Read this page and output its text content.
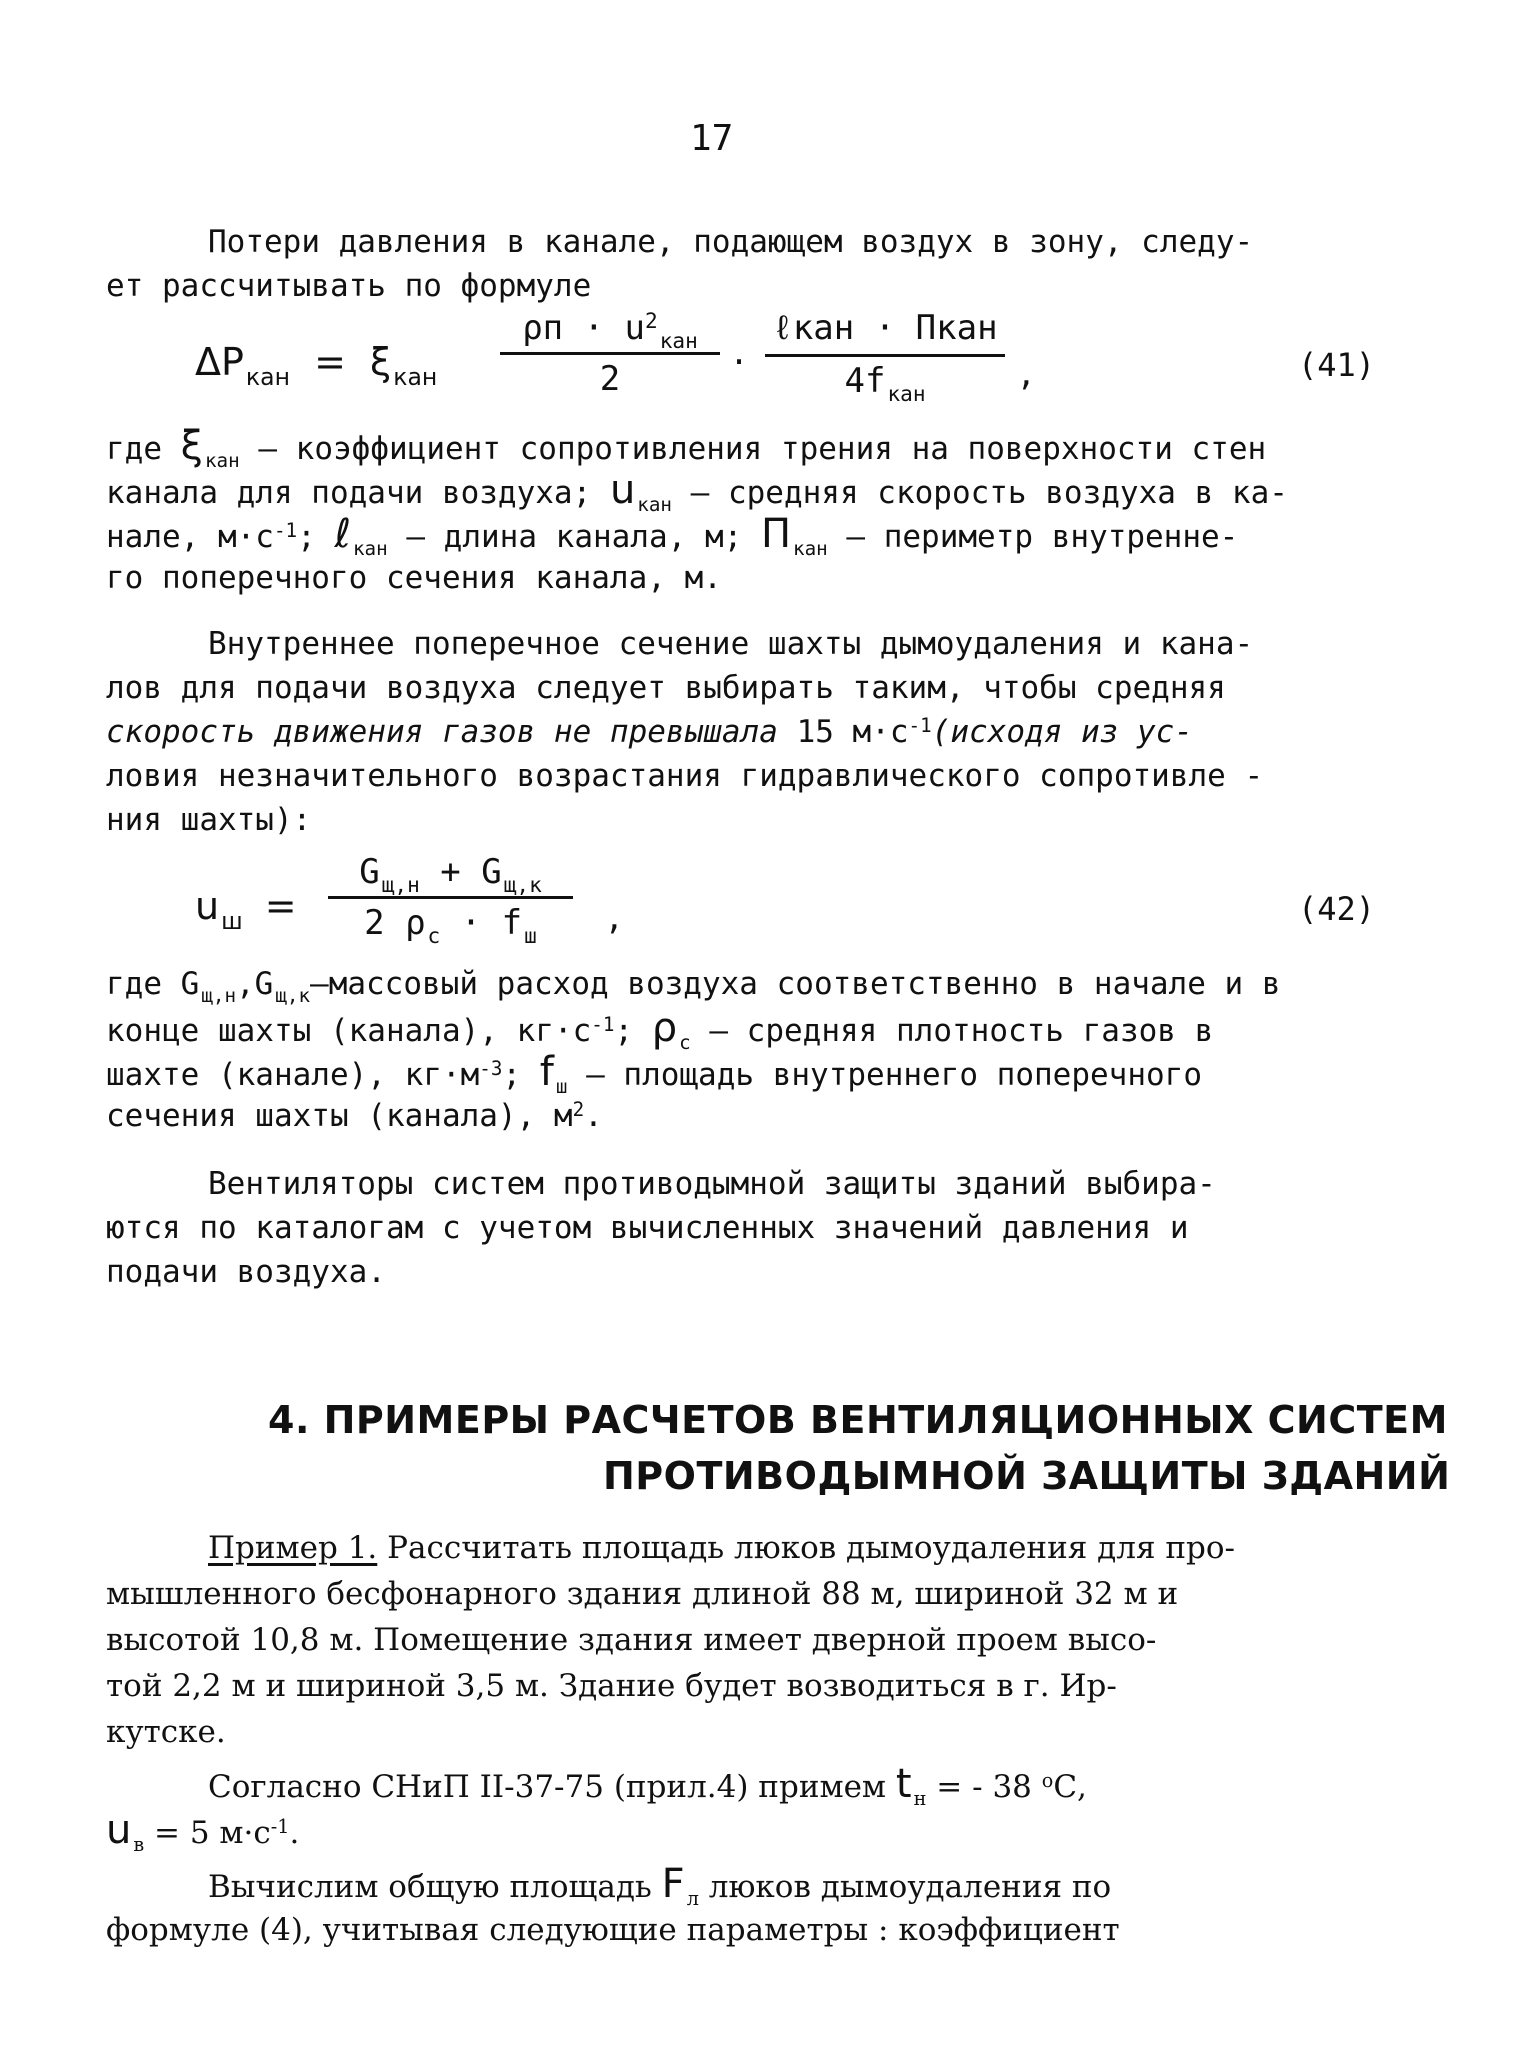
17
Потери давления в канале, подающем воздух в зону, следу-
ет рассчитывать по формуле
$\Delta P_{кан} = \xi_{кан}$
$\rho п \cdot u^2_{кан}$
2	·
ℓкан · Пкан
$4f_{кан}$	,	(41)
где ξ $_{кан}$ – коэффициент сопротивления трения на поверхности стен
канала для подачи воздуха; u $_{кан}$ – средняя скорость воздуха в ка-
нале, $м\cdot с^{-1}$; ℓ $_{кан}$ – длина канала, м; П $_{кан}$ – периметр внутренне-
го поперечного сечения канала, м.
Внутреннее поперечное сечение шахты дымоудаления и кана-
лов для подачи воздуха следует выбирать таким, чтобы средняя
скорость движения газов не превышала 15 $м\cdot с^{-1}(исходя$ из ус-
ловия незначительного возрастания гидравлического сопротивле -
ния шахты):
$u_ш$ =
$G_{щ,н} + G_{щ,к}$
2 $\rho_с \cdot f_ш$	,	(42)
где G $_{щ,н}$,G $_{щ,к}$–массовый расход воздуха соответственно в начале и в
конце шахты (канала), $кг\cdot с^{-1}$; ρ $_с$ – средняя плотность газов в
шахте (канале), $кг\cdot м^{-3}$; f $_ш$ – площадь внутреннего поперечного
сечения шахты (канала), $м^2$.
Вентиляторы систем противодымной защиты зданий выбира-
ются по каталогам с учетом вычисленных значений давления и
подачи воздуха.
4. ПРИМЕРЫ РАСЧЕТОВ ВЕНТИЛЯЦИОННЫХ СИСТЕМ
ПРОТИВОДЫМНОЙ ЗАЩИТЫ ЗДАНИЙ
Пример 1. Рассчитать площадь люков дымоудаления для про-
мышленного бесфонарного здания длиной 88 м, шириной 32 м и
высотой 10,8 м. Помещение здания имеет дверной проем высо-
той 2,2 м и шириной 3,5 м. Здание будет возводиться в г. Ир-
кутске.
Согласно СНиП II-37-75 (прил.4) примем t $_н$ = - 38 $^о$С,
u $_в$ = 5 $м\cdot с^{-1}$.
Вычислим общую площадь F $_л$ люков дымоудаления по
формуле (4), учитывая следующие параметры : коэффициент
